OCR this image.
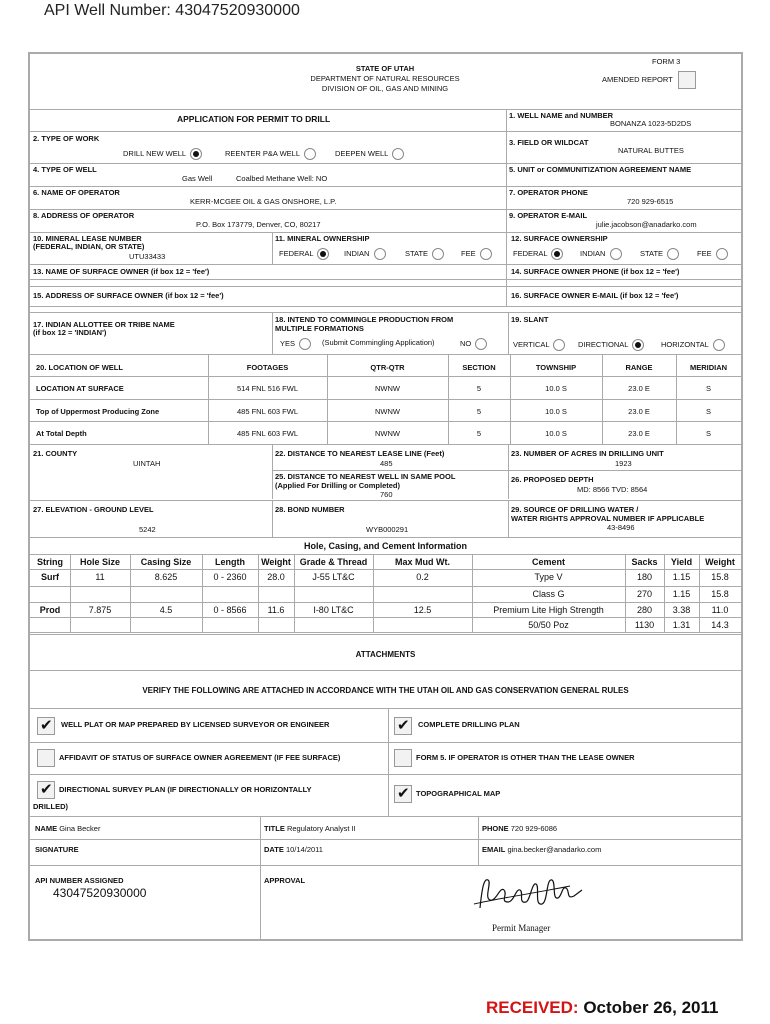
API Well Number: 43047520930000
FORM 3
STATE OF UTAH
DEPARTMENT OF NATURAL RESOURCES
DIVISION OF OIL, GAS AND MINING
AMENDED REPORT
APPLICATION FOR PERMIT TO DRILL	1. WELL NAME and NUMBER
BONANZA 1023-5D2DS
2. TYPE OF WORK
DRILL NEW WELL	REENTER P&A WELL	DEEPEN WELL
3. FIELD OR WILDCAT
NATURAL BUTTES
4. TYPE OF WELL
Gas Well	Coalbed Methane Well: NO
5. UNIT or COMMUNITIZATION AGREEMENT NAME
6. NAME OF OPERATOR
KERR-MCGEE OIL & GAS ONSHORE, L.P.
7. OPERATOR PHONE
720 929-6515
8. ADDRESS OF OPERATOR
P.O. Box 173779, Denver, CO, 80217
9. OPERATOR E-MAIL
julie.jacobson@anadarko.com
10. MINERAL LEASE NUMBER
(FEDERAL, INDIAN, OR STATE)
UTU33433
11. MINERAL OWNERSHIP
FEDERAL	INDIAN	STATE	FEE
12. SURFACE OWNERSHIP
FEDERAL	INDIAN	STATE	FEE
13. NAME OF SURFACE OWNER (if box 12 = 'fee')	14. SURFACE OWNER PHONE (if box 12 = 'fee')
15. ADDRESS OF SURFACE OWNER (if box 12 = 'fee')	16. SURFACE OWNER E-MAIL (if box 12 = 'fee')
17. INDIAN ALLOTTEE OR TRIBE NAME
(if box 12 = 'INDIAN')
18. INTEND TO COMMINGLE PRODUCTION FROM
MULTIPLE FORMATIONS
YES	(Submit Commingling Application)	NO
19. SLANT
VERTICAL	DIRECTIONAL	HORIZONTAL
20. LOCATION OF WELL	FOOTAGES	QTR-QTR	SECTION	TOWNSHIP	RANGE	MERIDIAN
LOCATION AT SURFACE	514 FNL 516 FWL	NWNW	5	10.0 S	23.0 E	S
Top of Uppermost Producing Zone	485 FNL 603 FWL	NWNW	5	10.0 S	23.0 E	S
At Total Depth	485 FNL 603 FWL	NWNW	5	10.0 S	23.0 E	S
21. COUNTY
UINTAH
22. DISTANCE TO NEAREST LEASE LINE (Feet)
485
23. NUMBER OF ACRES IN DRILLING UNIT
1923
25. DISTANCE TO NEAREST WELL IN SAME POOL
(Applied For Drilling or Completed)
760
26. PROPOSED DEPTH
MD: 8566 TVD: 8564
27. ELEVATION - GROUND LEVEL
5242
28. BOND NUMBER
WYB000291
29. SOURCE OF DRILLING WATER /
WATER RIGHTS APPROVAL NUMBER IF APPLICABLE
43-8496
Hole, Casing, and Cement Information
String	Hole Size	Casing Size	Length	Weight Grade & Thread	Max Mud Wt.	Cement	Sacks	Yield	Weight
Surf	11	8.625	0 - 2360	28.0	J-55 LT&C	0.2	Type V	180	1.15	15.8
Class G	270	1.15	15.8
Prod	7.875	4.5	0 - 8566	11.6	I-80 LT&C	12.5	Premium Lite High Strength	280	3.38	11.0
50/50 Poz	1130	1.31	14.3
ATTACHMENTS
VERIFY THE FOLLOWING ARE ATTACHED IN ACCORDANCE WITH THE UTAH OIL AND GAS CONSERVATION GENERAL RULES
✔
WELL PLAT OR MAP PREPARED BY LICENSED SURVEYOR OR ENGINEER
✔	COMPLETE DRILLING PLAN
AFFIDAVIT OF STATUS OF SURFACE OWNER AGREEMENT (IF FEE SURFACE)	FORM 5. IF OPERATOR IS OTHER THAN THE LEASE OWNER
✔
DIRECTIONAL SURVEY PLAN (IF DIRECTIONALLY OR HORIZONTALLY
DRILLED)
✔
TOPOGRAPHICAL MAP
NAME Gina Becker	TITLE Regulatory Analyst II	PHONE 720 929-6086
SIGNATURE	DATE 10/14/2011	EMAIL gina.becker@anadarko.com
API NUMBER ASSIGNED
43047520930000
APPROVAL
Permit Manager
RECEIVED: October 26, 2011
